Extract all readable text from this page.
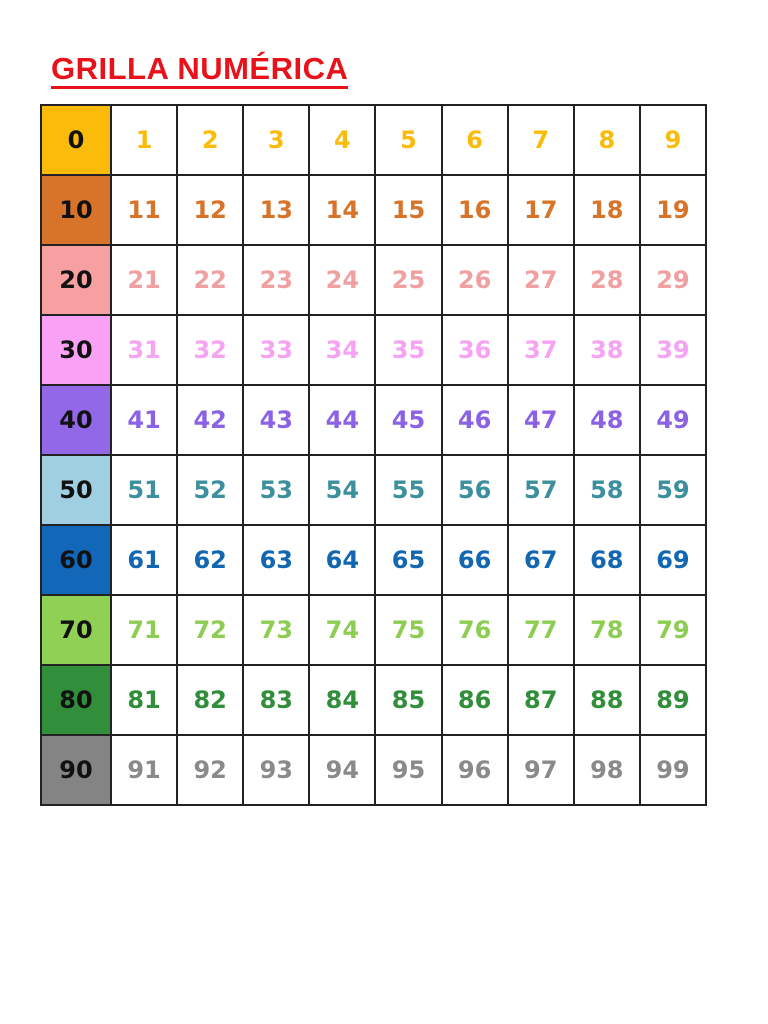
GRILLA NUMÉRICA
0	1	2	3	4	5	6	7	8	9
10	11	12	13	14	15	16	17	18	19
20	21	22	23	24	25	26	27	28	29
30	31	32	33	34	35	36	37	38	39
40	41	42	43	44	45	46	47	48	49
50	51	52	53	54	55	56	57	58	59
60	61	62	63	64	65	66	67	68	69
70	71	72	73	74	75	76	77	78	79
80	81	82	83	84	85	86	87	88	89
90	91	92	93	94	95	96	97	98	99
